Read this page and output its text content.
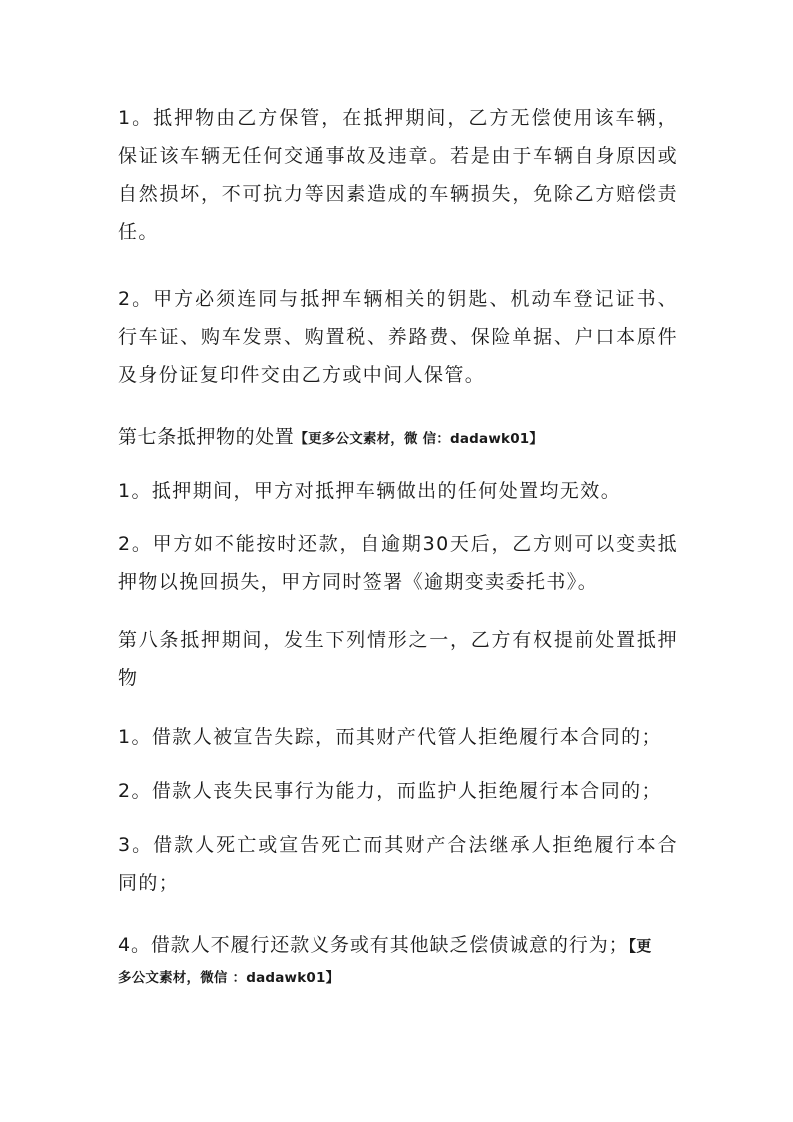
1。抵押物由乙方保管，在抵押期间，乙方无偿使用该车辆，保证该车辆无任何交通事故及违章。若是由于车辆自身原因或自然损坏，不可抗力等因素造成的车辆损失，免除乙方赔偿责任。

2。甲方必须连同与抵押车辆相关的钥匙、机动车登记证书、行车证、购车发票、购置税、养路费、保险单据、户口本原件及身份证复印件交由乙方或中间人保管。

第七条抵押物的处置【更多公文素材，微 信：dadawk01】

1。抵押期间，甲方对抵押车辆做出的任何处置均无效。

2。甲方如不能按时还款，自逾期30天后，乙方则可以变卖抵押物以挽回损失，甲方同时签署《逾期变卖委托书》。

第八条抵押期间，发生下列情形之一，乙方有权提前处置抵押物

1。借款人被宣告失踪，而其财产代管人拒绝履行本合同的；

2。借款人丧失民事行为能力，而监护人拒绝履行本合同的；

3。借款人死亡或宣告死亡而其财产合法继承人拒绝履行本合同的；

4。借款人不履行还款义务或有其他缺乏偿债诚意的行为；【更

多公文素材，微信 ：dadawk01】
